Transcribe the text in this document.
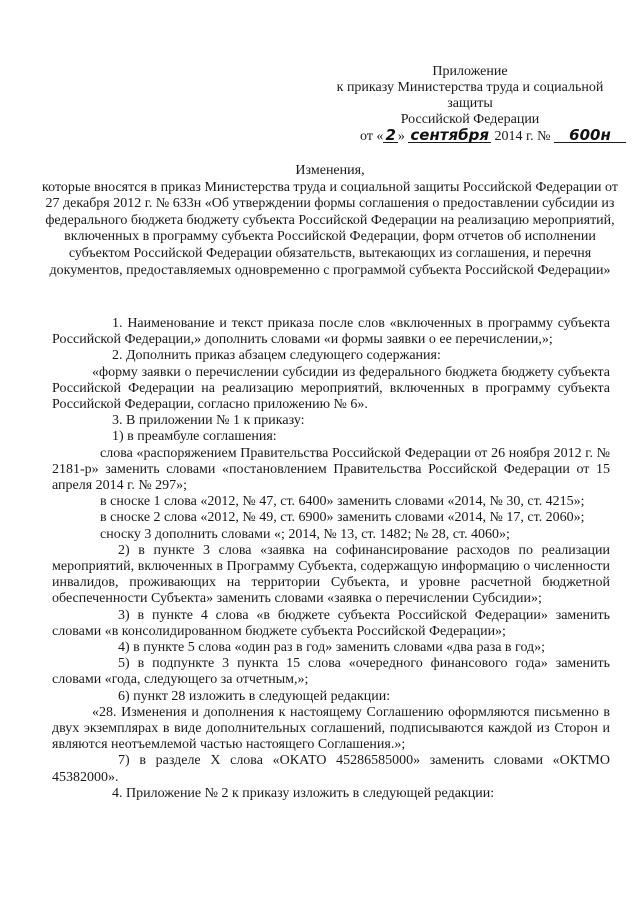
Приложение
к приказу Министерства труда и социальной
защиты
Российской Федерации
от « 2 » сентября 2014 г. № 600н
Изменения,
которые вносятся в приказ Министерства труда и социальной защиты Российской Федерации от 27 декабря 2012 г. № 633н «Об утверждении формы соглашения о предоставлении субсидии из федерального бюджета бюджету субъекта Российской Федерации на реализацию мероприятий, включенных в программу субъекта Российской Федерации, форм отчетов об исполнении субъектом Российской Федерации обязательств, вытекающих из соглашения, и перечня документов, предоставляемых одновременно с программой субъекта Российской Федерации»

1. Наименование и текст приказа после слов «включенных в программу субъекта Российской Федерации,» дополнить словами «и формы заявки о ее перечислении,»;

2. Дополнить приказ абзацем следующего содержания:

«форму заявки о перечислении субсидии из федерального бюджета бюджету субъекта Российской Федерации на реализацию мероприятий, включенных в программу субъекта Российской Федерации, согласно приложению № 6».

3. В приложении № 1 к приказу:

1) в преамбуле соглашения:

слова «распоряжением Правительства Российской Федерации от 26 ноября 2012 г. № 2181-р» заменить словами «постановлением Правительства Российской Федерации от 15 апреля 2014 г. № 297»;

в сноске 1 слова «2012, № 47, ст. 6400» заменить словами «2014, № 30, ст. 4215»;

в сноске 2 слова «2012, № 49, ст. 6900» заменить словами «2014, № 17, ст. 2060»;

сноску 3 дополнить словами «; 2014, № 13, ст. 1482; № 28, ст. 4060»;

2) в пункте 3 слова «заявка на софинансирование расходов по реализации мероприятий, включенных в Программу Субъекта, содержащую информацию о численности инвалидов, проживающих на территории Субъекта, и уровне расчетной бюджетной обеспеченности Субъекта» заменить словами «заявка о перечислении Субсидии»;

3) в пункте 4 слова «в бюджете субъекта Российской Федерации» заменить словами «в консолидированном бюджете субъекта Российской Федерации»;

4) в пункте 5 слова «один раз в год» заменить словами «два раза в год»;

5) в подпункте 3 пункта 15 слова «очередного финансового года» заменить словами «года, следующего за отчетным,»;

6) пункт 28 изложить в следующей редакции:

«28. Изменения и дополнения к настоящему Соглашению оформляются письменно в двух экземплярах в виде дополнительных соглашений, подписываются каждой из Сторон и являются неотъемлемой частью настоящего Соглашения.»;

7) в разделе X слова «ОКАТО 45286585000» заменить словами «ОКТМО 45382000».

4. Приложение № 2 к приказу изложить в следующей редакции:
